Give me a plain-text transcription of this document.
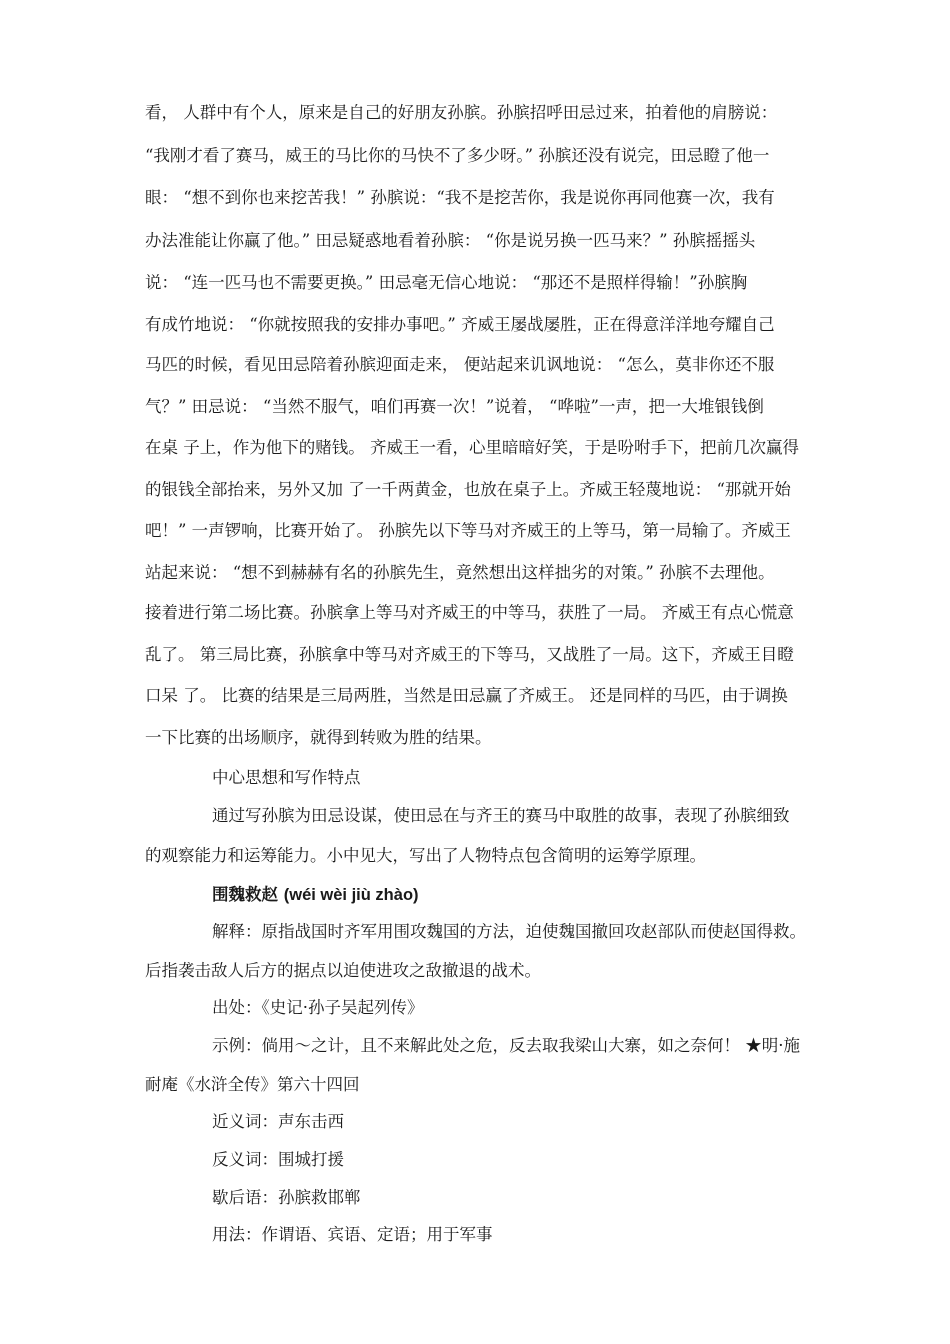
看， 人群中有个人，原来是自己的好朋友孙膑。孙膑招呼田忌过来，拍着他的肩膀说：
“我刚才看了赛马，威王的马比你的马快不了多少呀。” 孙膑还没有说完，田忌瞪了他一
眼： “想不到你也来挖苦我！” 孙膑说：“我不是挖苦你，我是说你再同他赛一次，我有
办法准能让你赢了他。” 田忌疑惑地看着孙膑： “你是说另换一匹马来？” 孙膑摇摇头
说： “连一匹马也不需要更换。” 田忌毫无信心地说： “那还不是照样得输！”孙膑胸
有成竹地说： “你就按照我的安排办事吧。” 齐威王屡战屡胜，正在得意洋洋地夸耀自己
马匹的时候，看见田忌陪着孙膑迎面走来， 便站起来讥讽地说： “怎么，莫非你还不服
气？” 田忌说： “当然不服气，咱们再赛一次！”说着， “哗啦”一声，把一大堆银钱倒
在桌 子上，作为他下的赌钱。 齐威王一看，心里暗暗好笑，于是吩咐手下，把前几次赢得
的银钱全部抬来，另外又加 了一千两黄金，也放在桌子上。齐威王轻蔑地说： “那就开始
吧！” 一声锣响，比赛开始了。 孙膑先以下等马对齐威王的上等马，第一局输了。齐威王
站起来说： “想不到赫赫有名的孙膑先生，竟然想出这样拙劣的对策。” 孙膑不去理他。
接着进行第二场比赛。孙膑拿上等马对齐威王的中等马，获胜了一局。 齐威王有点心慌意
乱了。 第三局比赛，孙膑拿中等马对齐威王的下等马，又战胜了一局。这下，齐威王目瞪
口呆 了。 比赛的结果是三局两胜，当然是田忌赢了齐威王。 还是同样的马匹，由于调换
一下比赛的出场顺序，就得到转败为胜的结果。
中心思想和写作特点
通过写孙膑为田忌设谋，使田忌在与齐王的赛马中取胜的故事，表现了孙膑细致
的观察能力和运筹能力。小中见大，写出了人物特点包含简明的运筹学原理。
围魏救赵 (wéi wèi jiù zhào)
解释：原指战国时齐军用围攻魏国的方法，迫使魏国撤回攻赵部队而使赵国得救。
后指袭击敌人后方的据点以迫使进攻之敌撤退的战术。
出处：《史记·孙子吴起列传》
示例：倘用～之计，且不来解此处之危，反去取我梁山大寨，如之奈何！ ★明·施
耐庵《水浒全传》第六十四回
近义词：声东击西
反义词：围城打援
歇后语：孙膑救邯郸
用法：作谓语、宾语、定语；用于军事
